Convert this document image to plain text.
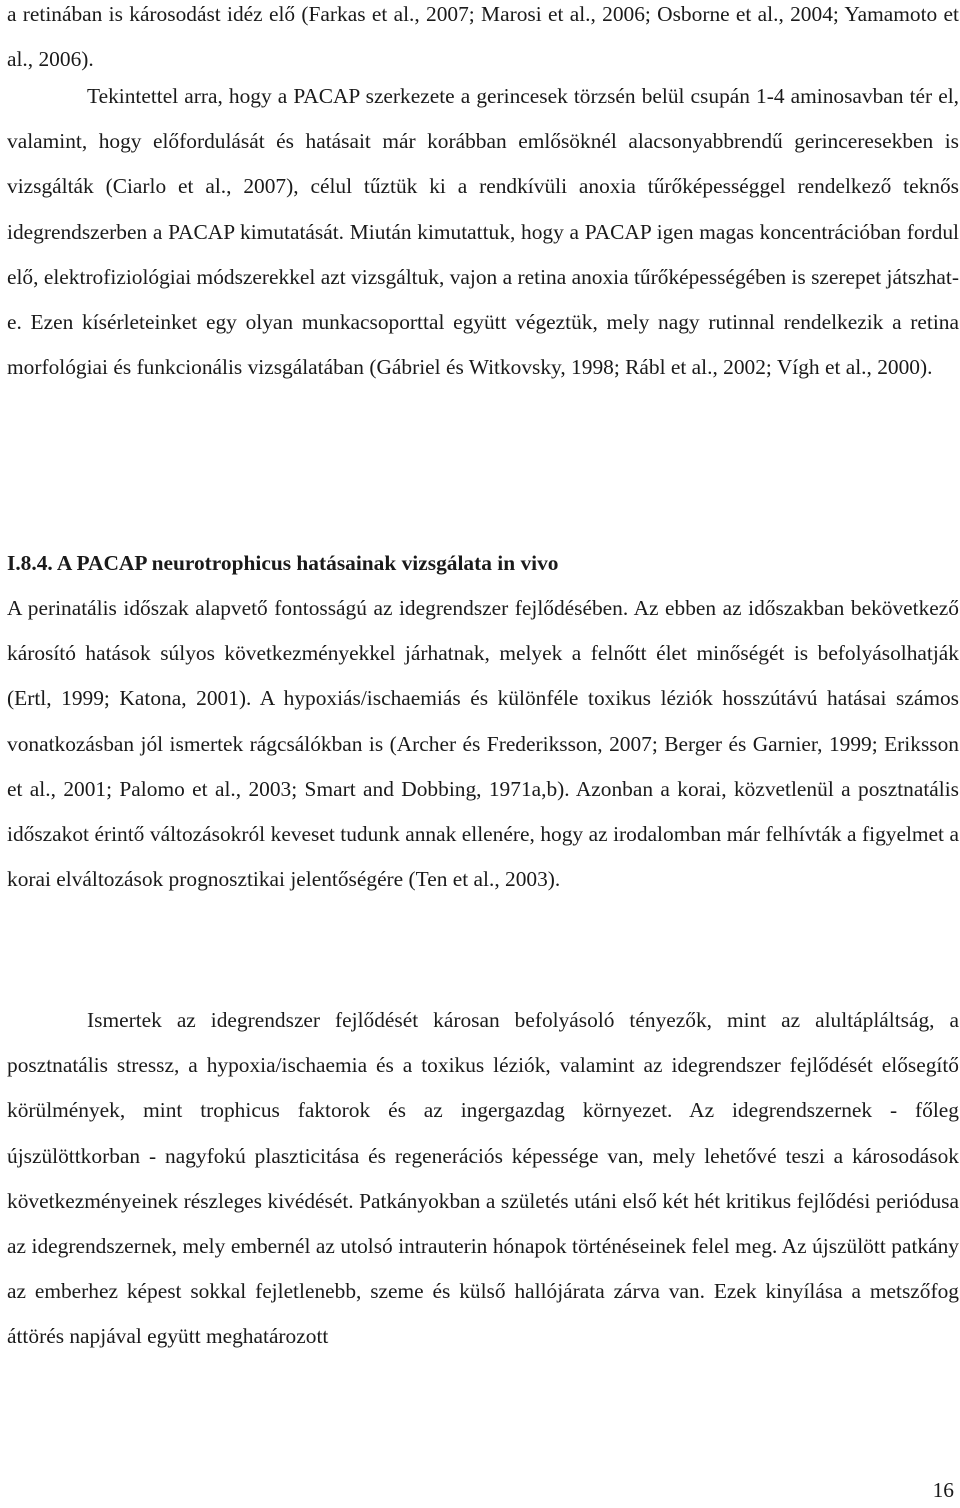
a retinában is károsodást idéz elő (Farkas et al., 2007; Marosi et al., 2006; Osborne et al., 2004; Yamamoto et al., 2006).

Tekintettel arra, hogy a PACAP szerkezete a gerincesek törzsén belül csupán 1-4 aminosavban tér el, valamint, hogy előfordulását és hatásait már korábban emlősöknél alacsonyabbrendű gerinceresekben is vizsgálták (Ciarlo et al., 2007), célul tűztük ki a rendkívüli anoxia tűrőképességgel rendelkező teknős idegrendszerben a PACAP kimutatását. Miután kimutattuk, hogy a PACAP igen magas koncentrációban fordul elő, elektrofiziológiai módszerekkel azt vizsgáltuk, vajon a retina anoxia tűrőképességében is szerepet játszhat-e. Ezen kísérleteinket egy olyan munkacsoporttal együtt végeztük, mely nagy rutinnal rendelkezik a retina morfológiai és funkcionális vizsgálatában (Gábriel és Witkovsky, 1998; Rábl et al., 2002; Vígh et al., 2000).

I.8.4. A PACAP neurotrophicus hatásainak vizsgálata in vivo

A perinatális időszak alapvető fontosságú az idegrendszer fejlődésében. Az ebben az időszakban bekövetkező károsító hatások súlyos következményekkel járhatnak, melyek a felnőtt élet minőségét is befolyásolhatják (Ertl, 1999; Katona, 2001). A hypoxiás/ischaemiás és különféle toxikus léziók hosszútávú hatásai számos vonatkozásban jól ismertek rágcsálókban is (Archer és Frederiksson, 2007; Berger és Garnier, 1999; Eriksson et al., 2001; Palomo et al., 2003; Smart and Dobbing, 1971a,b). Azonban a korai, közvetlenül a posztnatális időszakot érintő változásokról keveset tudunk annak ellenére, hogy az irodalomban már felhívták a figyelmet a korai elváltozások prognosztikai jelentőségére (Ten et al., 2003).

Ismertek az idegrendszer fejlődését károsan befolyásoló tényezők, mint az alultápláltság, a posztnatális stressz, a hypoxia/ischaemia és a toxikus léziók, valamint az idegrendszer fejlődését elősegítő körülmények, mint trophicus faktorok és az ingergazdag környezet. Az idegrendszernek - főleg újszülöttkorban - nagyfokú plaszticitása és regenerációs képessége van, mely lehetővé teszi a károsodások következményeinek részleges kivédését. Patkányokban a születés utáni első két hét kritikus fejlődési periódusa az idegrendszernek, mely embernél az utolsó intrauterin hónapok történéseinek felel meg. Az újszülött patkány az emberhez képest sokkal fejletlenebb, szeme és külső hallójárata zárva van. Ezek kinyílása a metszőfog áttörés napjával együtt meghatározott

16
